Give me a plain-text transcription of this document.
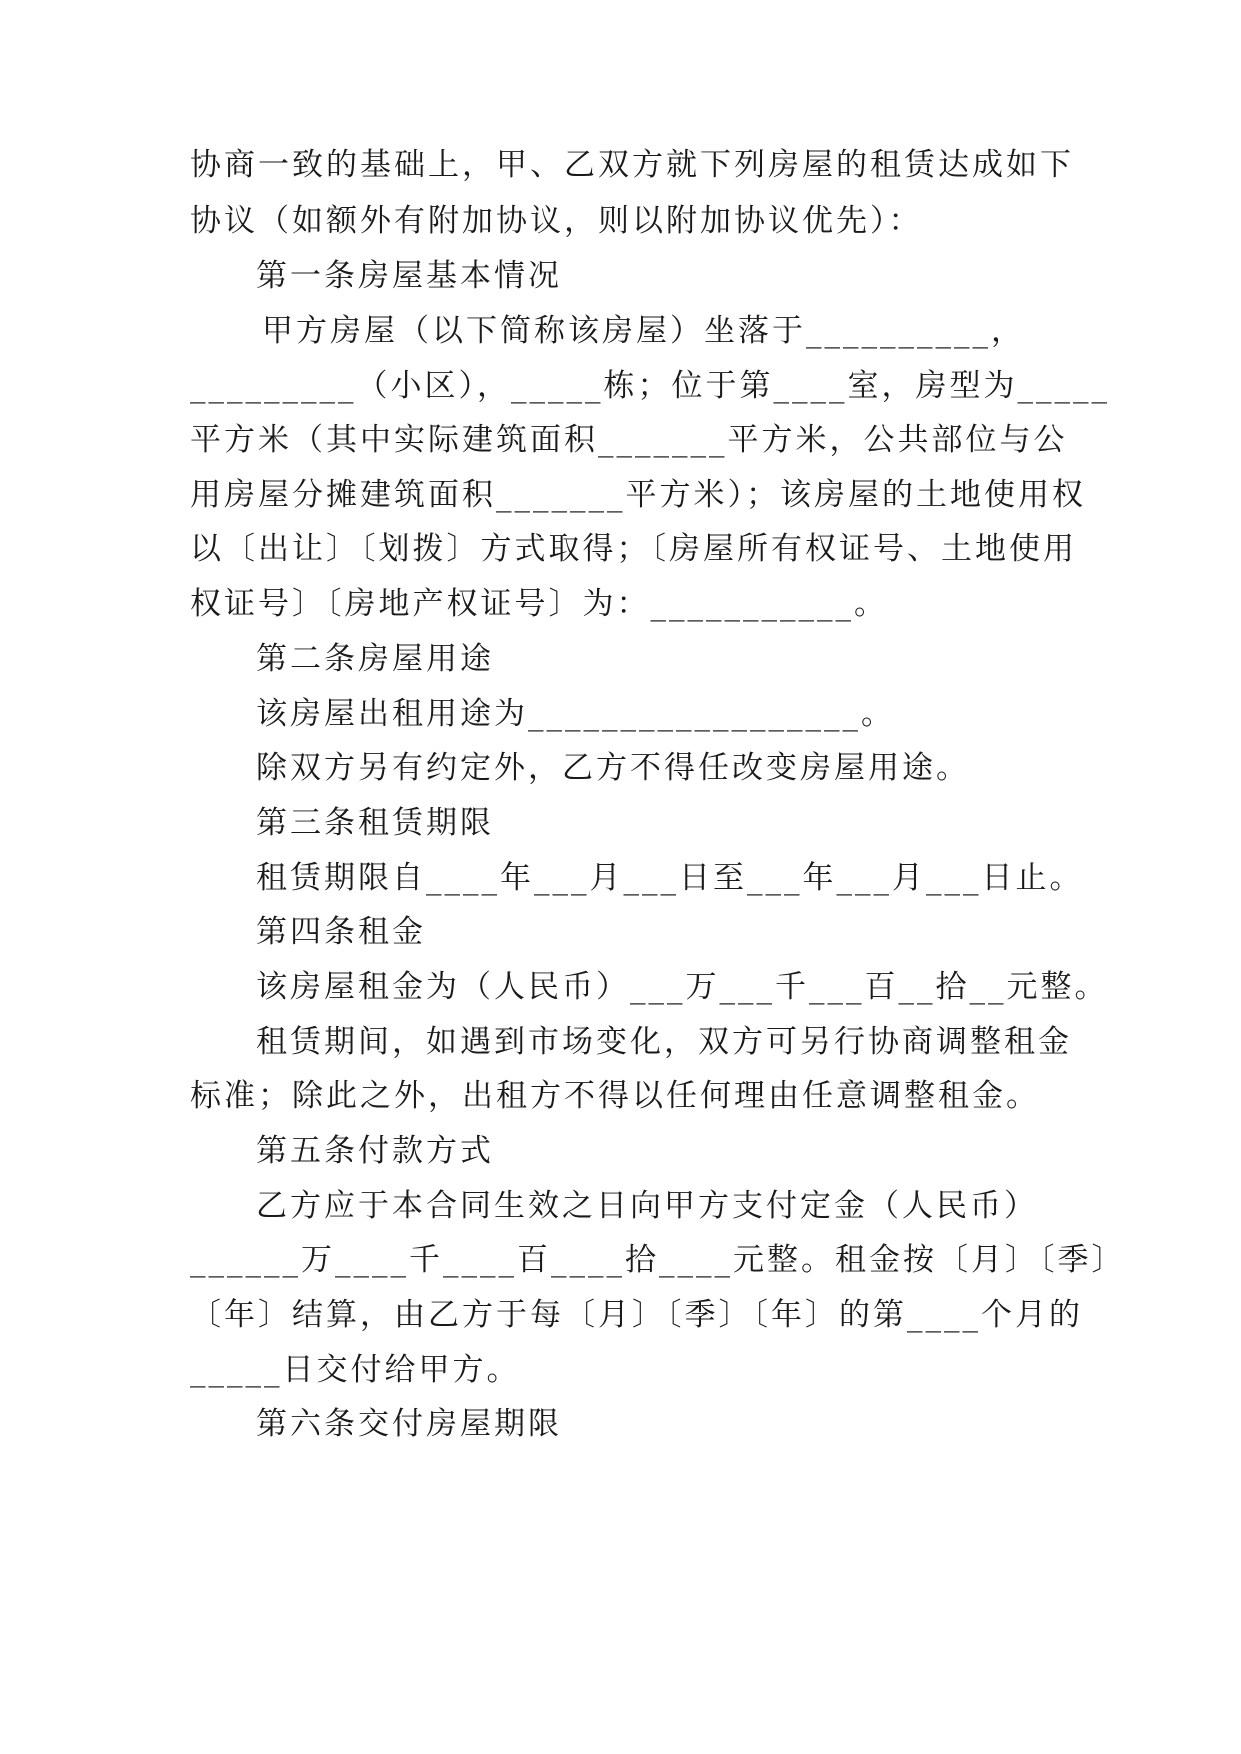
协商一致的基础上，甲、乙双方就下列房屋的租赁达成如下
协议（如额外有附加协议，则以附加协议优先）：
第一条房屋基本情况
甲方房屋（以下简称该房屋）坐落于__________，
_________（小区），_____栋；位于第____室，房型为_____
平方米（其中实际建筑面积_______平方米，公共部位与公
用房屋分摊建筑面积_______平方米）；该房屋的土地使用权
以〔出让〕〔划拨〕方式取得；〔房屋所有权证号、土地使用
权证号〕〔房地产权证号〕为：___________。
第二条房屋用途
该房屋出租用途为__________________。
除双方另有约定外，乙方不得任改变房屋用途。
第三条租赁期限
租赁期限自____年___月___日至___年___月___日止。
第四条租金
该房屋租金为（人民币）___万___千___百__拾__元整。
租赁期间，如遇到市场变化，双方可另行协商调整租金
标准；除此之外，出租方不得以任何理由任意调整租金。
第五条付款方式
乙方应于本合同生效之日向甲方支付定金（人民币）
______万____千____百____拾____元整。租金按〔月〕〔季〕
〔年〕结算，由乙方于每〔月〕〔季〕〔年〕的第____个月的
_____日交付给甲方。
第六条交付房屋期限
